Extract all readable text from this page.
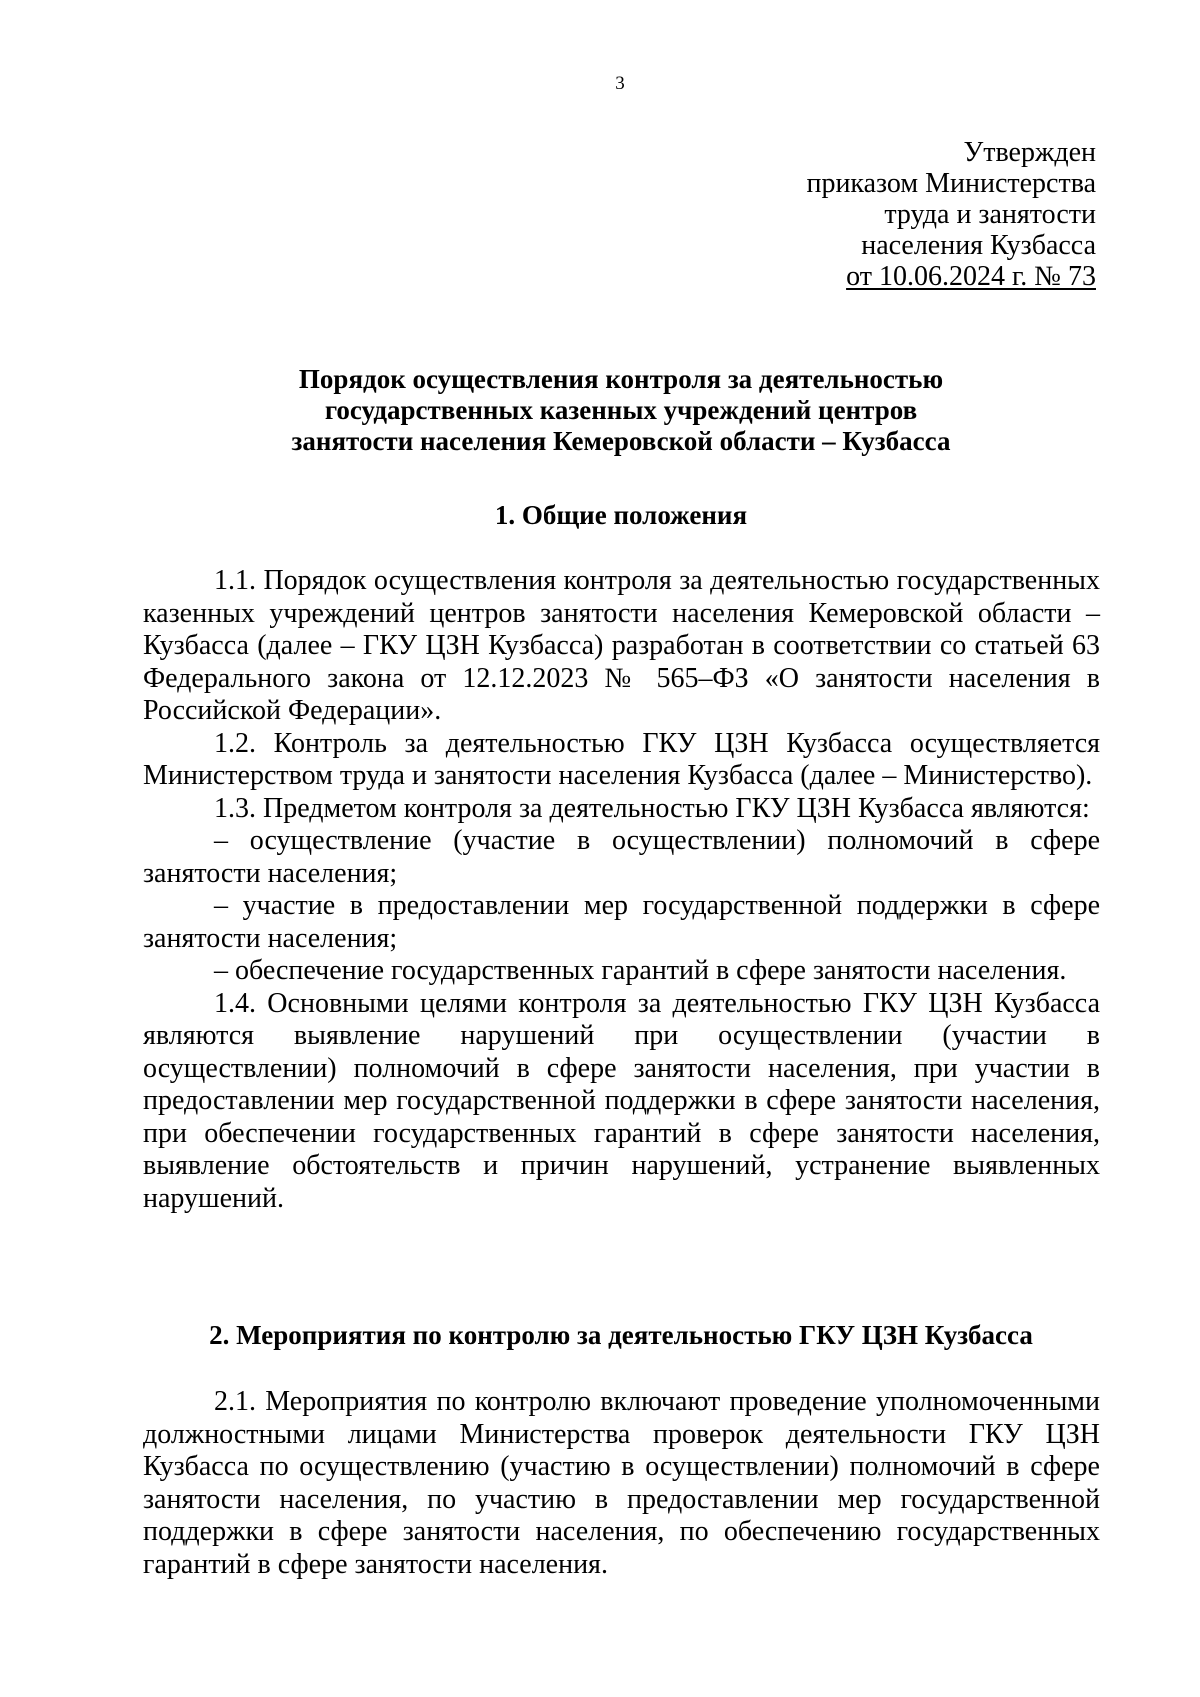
3
Утвержден
приказом Министерства
труда и занятости
населения Кузбасса
от 10.06.2024 г. № 73
Порядок осуществления контроля за деятельностью
государственных казенных учреждений центров
занятости населения Кемеровской области – Кузбасса
1. Общие положения

1.1. Порядок осуществления контроля за деятельностью государственных казенных учреждений центров занятости населения Кемеровской области – Кузбасса (далее – ГКУ ЦЗН Кузбасса) разработан в соответствии со статьей 63 Федерального закона от 12.12.2023 № 565–ФЗ «О занятости населения в Российской Федерации».

1.2. Контроль за деятельностью ГКУ ЦЗН Кузбасса осуществляется Министерством труда и занятости населения Кузбасса (далее – Министерство).

1.3. Предметом контроля за деятельностью ГКУ ЦЗН Кузбасса являются:

– осуществление (участие в осуществлении) полномочий в сфере занятости населения;

– участие в предоставлении мер государственной поддержки в сфере занятости населения;

– обеспечение государственных гарантий в сфере занятости населения.

1.4. Основными целями контроля за деятельностью ГКУ ЦЗН Кузбасса являются выявление нарушений при осуществлении (участии в осуществлении) полномочий в сфере занятости населения, при участии в предоставлении мер государственной поддержки в сфере занятости населения, при обеспечении государственных гарантий в сфере занятости населения, выявление обстоятельств и причин нарушений, устранение выявленных нарушений.

2. Мероприятия по контролю за деятельностью ГКУ ЦЗН Кузбасса

2.1. Мероприятия по контролю включают проведение уполномоченными должностными лицами Министерства проверок деятельности ГКУ ЦЗН Кузбасса по осуществлению (участию в осуществлении) полномочий в сфере занятости населения, по участию в предоставлении мер государственной поддержки в сфере занятости населения, по обеспечению государственных гарантий в сфере занятости населения.
